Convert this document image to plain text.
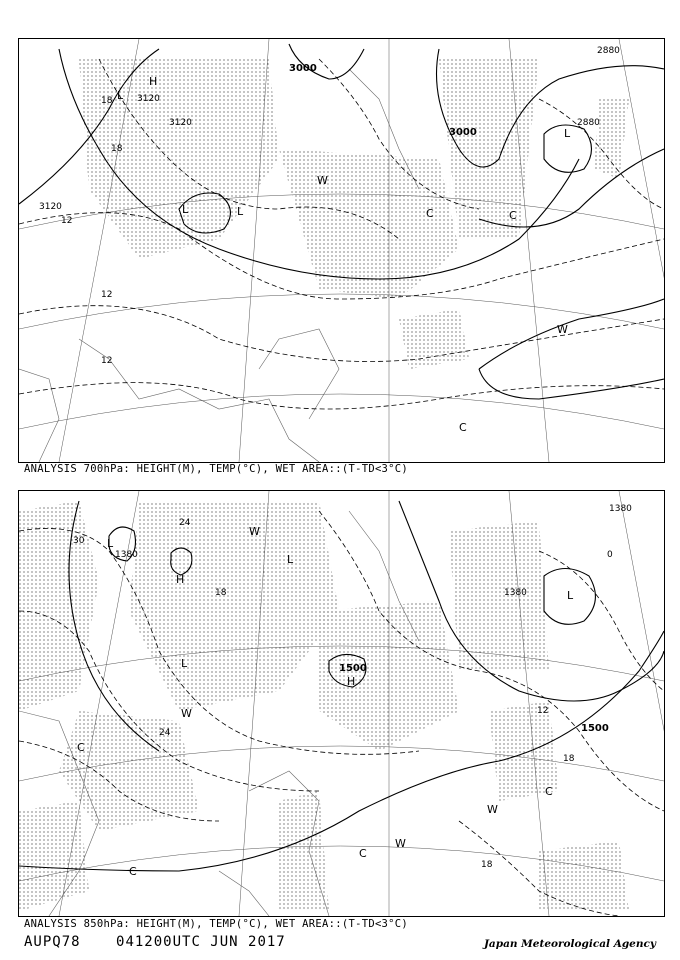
3120
3120
3120
3000
3000
2880
2880
12
12
12
18
18
H
L
L	L
L
W
W
C	C
C
ANALYSIS 700hPa: HEIGHT(M), TEMP(°C), WET AREA::(T-TD<3°C)
1380
1380
1380
1500
1500
30
24
24
18
18
18
12
0
H
H
L
L
L
L
W
W
W
W
C
C
C
C
ANALYSIS 850hPa: HEIGHT(M), TEMP(°C), WET AREA::(T-TD<3°C)
AUPQ78	041200UTC JUN 2017	Japan Meteorological Agency
